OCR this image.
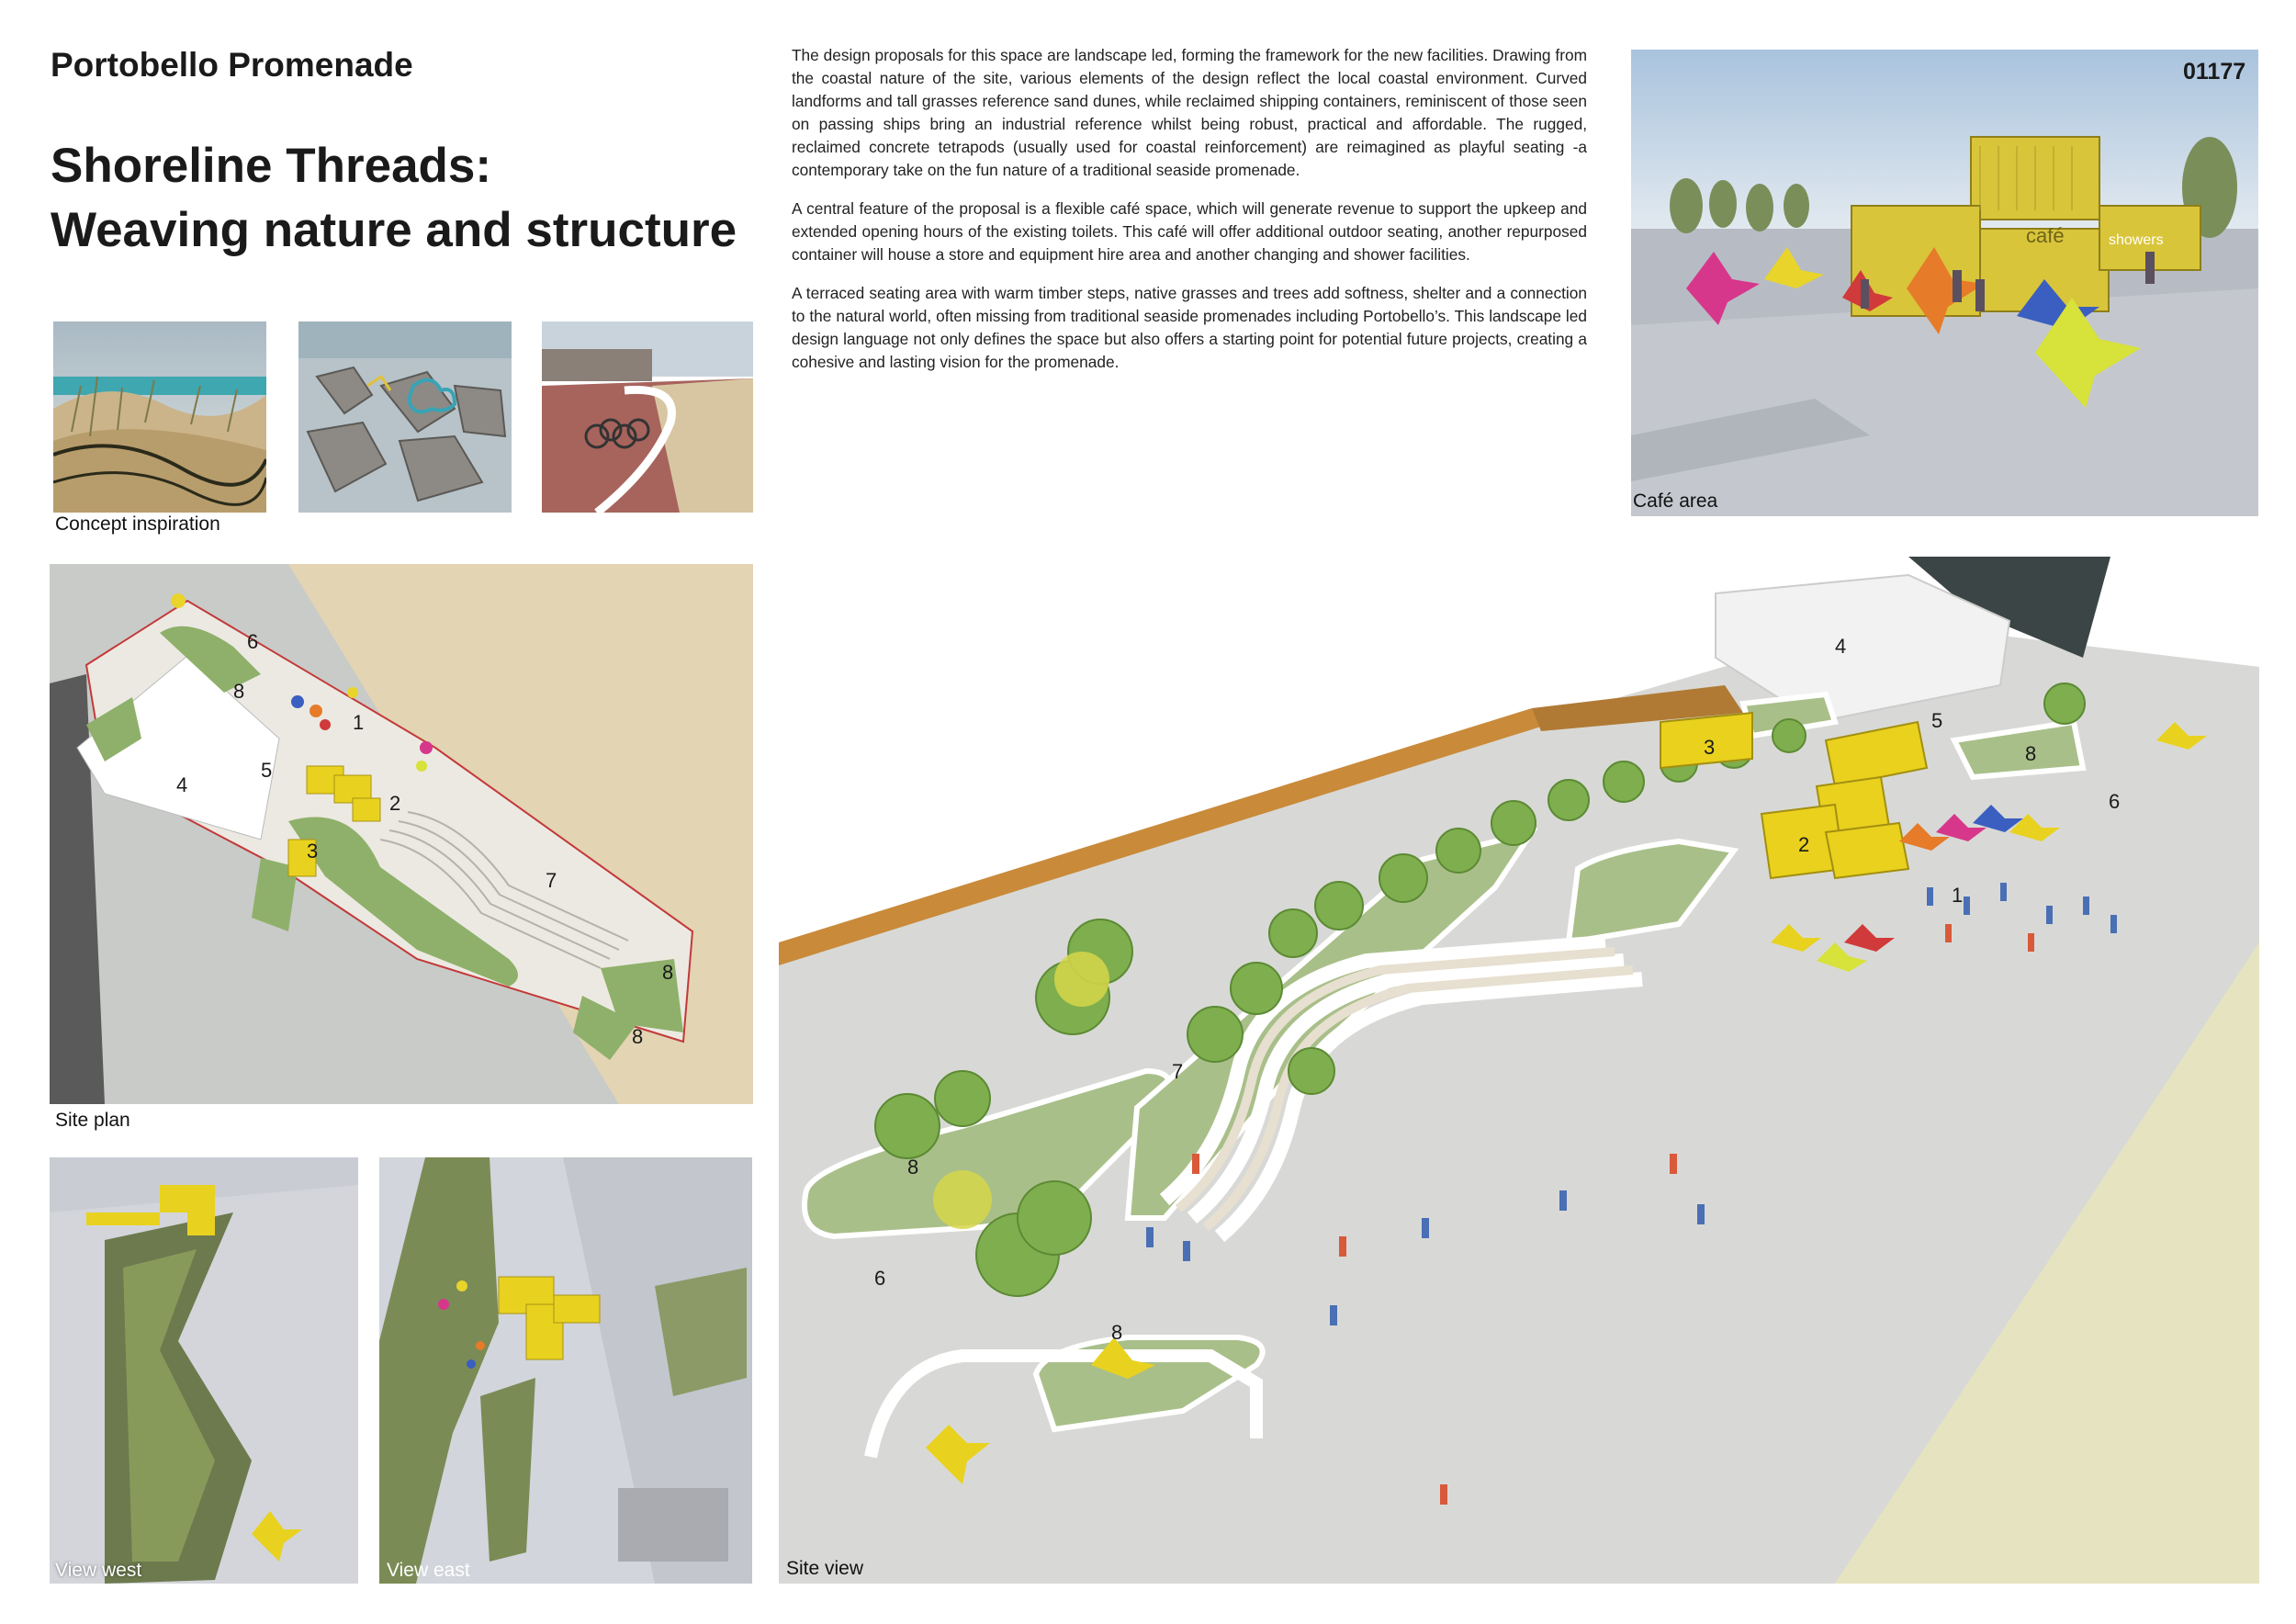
Portobello Promenade
Shoreline Threads:
Weaving nature and structure

The design proposals for this space are landscape led, forming the framework for the new facilities. Drawing from the coastal nature of the site, various elements of the design reflect the local coastal environment. Curved landforms and tall grasses reference sand dunes, while reclaimed shipping containers, reminiscent of those seen on passing ships bring an industrial reference whilst being robust, practical and affordable. The rugged, reclaimed concrete tetrapods (usually used for coastal reinforcement) are reimagined as playful seating -a contemporary take on the fun nature of a traditional seaside promenade.

A central feature of the proposal is a flexible café space, which will generate revenue to support the upkeep and extended opening hours of the existing toilets. This café will offer additional outdoor seating, another repurposed container will house a store and equipment hire area and another changing and shower facilities.

A terraced seating area with warm timber steps, native grasses and trees add softness, shelter and a connection to the natural world, often missing from traditional seaside promenades including Portobello’s. This landscape led design language not only defines the space but also offers a starting point for potential future projects, creating a cohesive and lasting vision for the promenade.

Concept inspiration
café	showers
Café area
01177
1
2
3
4
5
6
7
8
8
8
Site plan
View west	View east
1
2
3
4
5
6
6
7
8
8
8
Site view
